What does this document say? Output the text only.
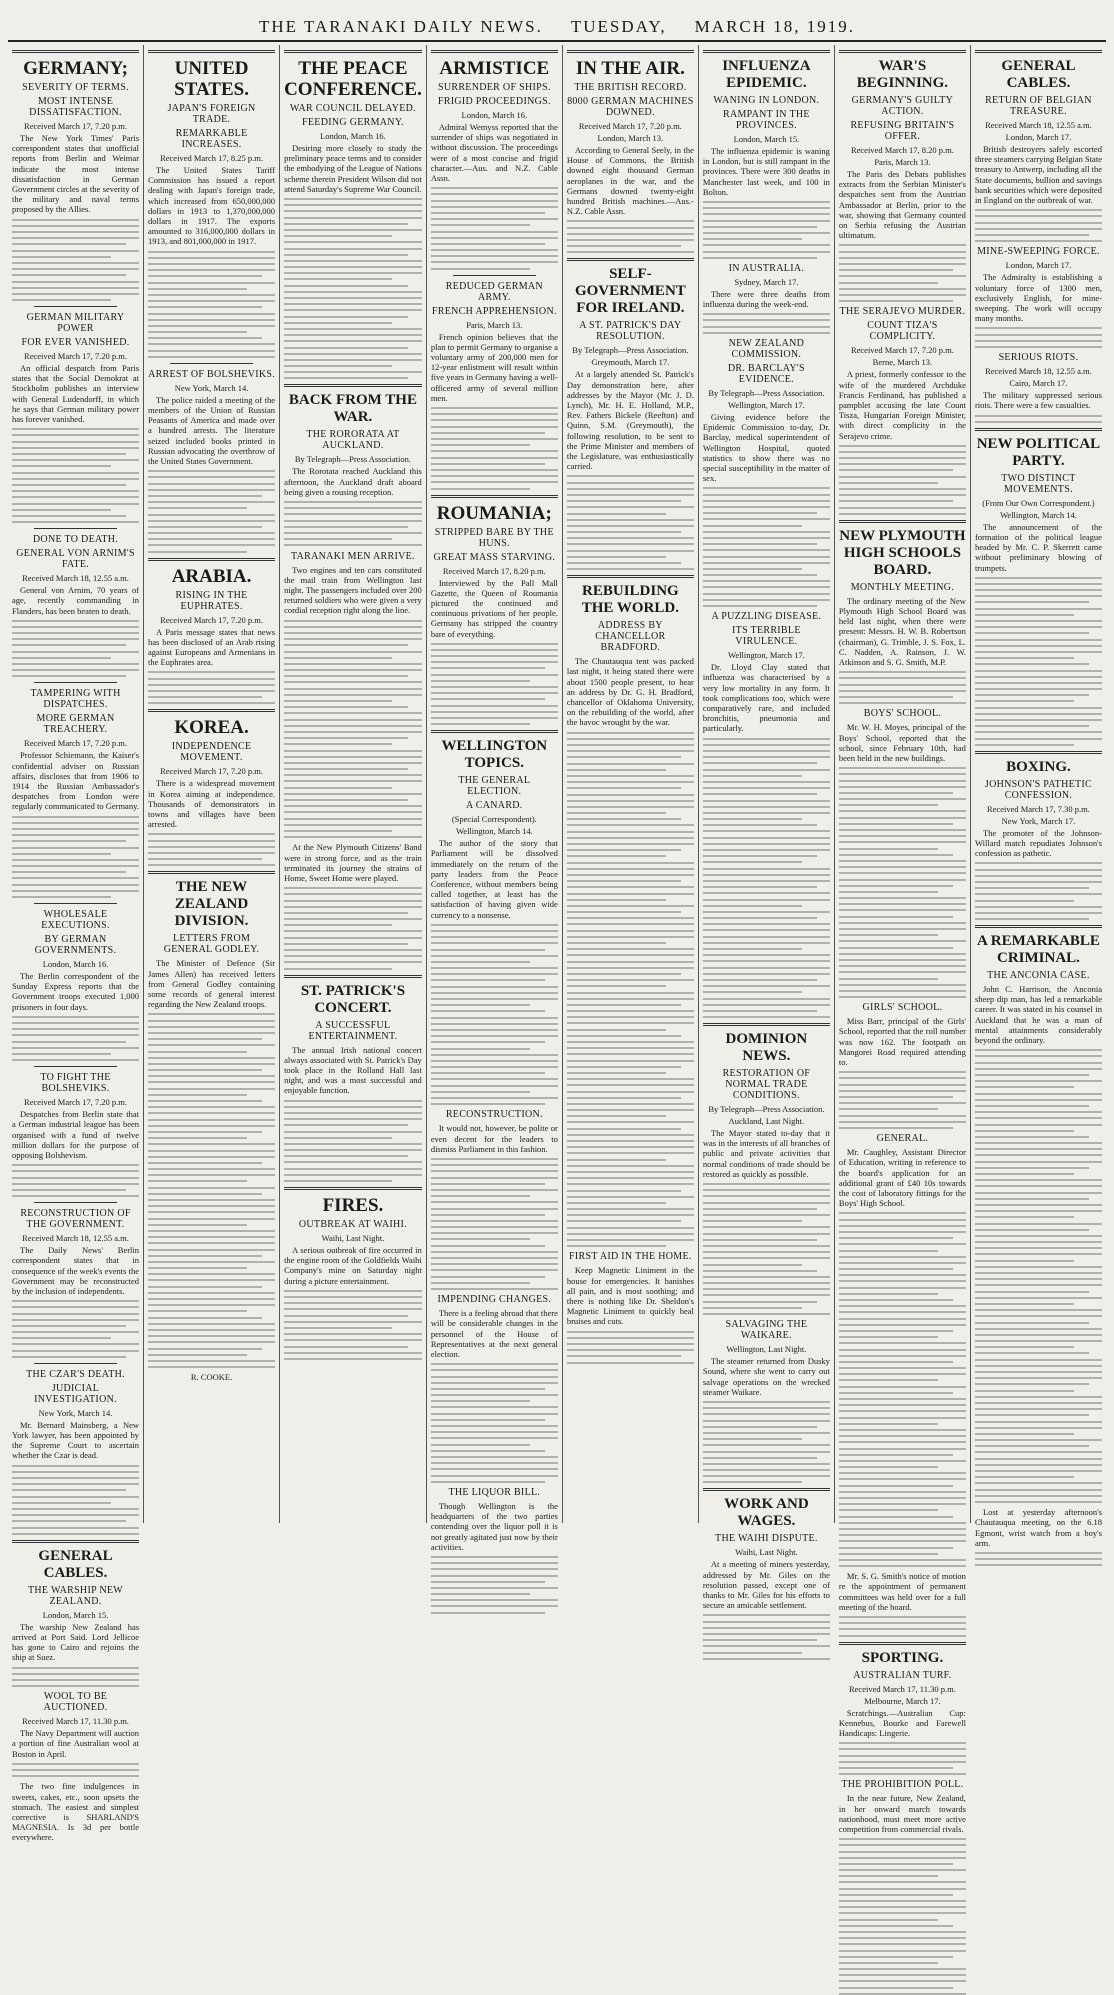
THE TARANAKI DAILY NEWS. TUESDAY, MARCH 18, 1919.
GERMANY;
SEVERITY OF TERMS.
MOST INTENSE DISSATISFACTION.
Received March 17, 7.20 p.m.

The New York Times' Paris correspondent states that unofficial reports from Berlin and Weimar indicate the most intense dissatisfaction in German Government circles at the severity of the military and naval terms proposed by the Allies.

GERMAN MILITARY POWER
FOR EVER VANISHED.
Received March 17, 7.20 p.m.

An official despatch from Paris states that the Social Demokrat at Stockholm publishes an interview with General Ludendorff, in which he says that German military power has forever vanished.

DONE TO DEATH.
GENERAL VON ARNIM'S FATE.
Received March 18, 12.55 a.m.

General von Arnim, 70 years of age, recently commanding in Flanders, has been beaten to death.

TAMPERING WITH DISPATCHES.
MORE GERMAN TREACHERY.
Received March 17, 7.20 p.m.

Professor Schiemann, the Kaiser's confidential adviser on Russian affairs, discloses that from 1906 to 1914 the Russian Ambassador's despatches from London were regularly communicated to Germany.

WHOLESALE EXECUTIONS.
BY GERMAN GOVERNMENTS.
London, March 16.

The Berlin correspondent of the Sunday Express reports that the Government troops executed 1,000 prisoners in four days.

TO FIGHT THE BOLSHEVIKS.
Received March 17, 7.20 p.m.

Despatches from Berlin state that a German industrial league has been organised with a fund of twelve million dollars for the purpose of opposing Bolshevism.

RECONSTRUCTION OF THE GOVERNMENT.
Received March 18, 12.55 a.m.

The Daily News' Berlin correspondent states that in consequence of the week's events the Government may be reconstructed by the inclusion of independents.

THE CZAR'S DEATH.
JUDICIAL INVESTIGATION.
New York, March 14.

Mr. Bernard Mainsberg, a New York lawyer, has been appointed by the Supreme Court to ascertain whether the Czar is dead.

GENERAL CABLES.
THE WARSHIP NEW ZEALAND.
London, March 15.

The warship New Zealand has arrived at Port Said. Lord Jellicoe has gone to Cairo and rejoins the ship at Suez.

WOOL TO BE AUCTIONED.
Received March 17, 11.30 p.m.

The Navy Department will auction a portion of fine Australian wool at Boston in April.

The two fine indulgences in sweets, cakes, etc., soon upsets the stomach. The easiest and simplest corrective is SHARLAND'S MAGNESIA. Is 3d per bottle everywhere.

UNITED STATES.
JAPAN'S FOREIGN TRADE.
REMARKABLE INCREASES.
Received March 17, 8.25 p.m.

The United States Tariff Commission has issued a report dealing with Japan's foreign trade, which increased from 650,000,000 dollars in 1913 to 1,370,000,000 dollars in 1917. The exports amounted to 316,000,000 dollars in 1913, and 801,000,000 in 1917.

ARREST OF BOLSHEVIKS.
New York, March 14.

The police raided a meeting of the members of the Union of Russian Peasants of America and made over a hundred arrests. The literature seized included books printed in Russian advocating the overthrow of the United States Government.

ARABIA.
RISING IN THE EUPHRATES.
Received March 17, 7.20 p.m.

A Paris message states that news has been disclosed of an Arab rising against Europeans and Armenians in the Euphrates area.

KOREA.
INDEPENDENCE MOVEMENT.
Received March 17, 7.20 p.m.

There is a widespread movement in Korea aiming at independence. Thousands of demonstrators in towns and villages have been arrested.

THE NEW ZEALAND DIVISION.
LETTERS FROM GENERAL GODLEY.

The Minister of Defence (Sir James Allen) has received letters from General Godley containing some records of general interest regarding the New Zealand troops.

R. COOKE.
THE PEACE CONFERENCE.
WAR COUNCIL DELAYED.
FEEDING GERMANY.
London, March 16.

Desiring more closely to study the preliminary peace terms and to consider the embodying of the League of Nations scheme therein President Wilson did not attend Saturday's Supreme War Council.

BACK FROM THE WAR.
THE RORORATA AT AUCKLAND.
By Telegraph—Press Association.

The Rorotata reached Auckland this afternoon, the Auckland draft aboard being given a rousing reception.

TARANAKI MEN ARRIVE.

Two engines and ten cars constituted the mail train from Wellington last night. The passengers included over 200 returned soldiers who were given a very cordial reception right along the line.

At the New Plymouth Citizens' Band were in strong force, and as the train terminated its journey the strains of Home, Sweet Home were played.

ST. PATRICK'S CONCERT.
A SUCCESSFUL ENTERTAINMENT.

The annual Irish national concert always associated with St. Patrick's Day took place in the Rolland Hall last night, and was a most successful and enjoyable function.

FIRES.
OUTBREAK AT WAIHI.
Waihi, Last Night.

A serious outbreak of fire occurred in the engine room of the Goldfields Waihi Company's mine on Saturday night during a picture entertainment.

ARMISTICE
SURRENDER OF SHIPS.
FRIGID PROCEEDINGS.
London, March 16.

Admiral Wemyss reported that the surrender of ships was negotiated in without discussion. The proceedings were of a most concise and frigid character.—Aus. and N.Z. Cable Assn.

REDUCED GERMAN ARMY.
FRENCH APPREHENSION.
Paris, March 13.

French opinion believes that the plan to permit Germany to organise a voluntary army of 200,000 men for 12-year enlistment will result within five years in Germany having a well-officered army of several million men.

ROUMANIA;
STRIPPED BARE BY THE HUNS.
GREAT MASS STARVING.
Received March 17, 8.20 p.m.

Interviewed by the Pall Mall Gazette, the Queen of Roumania pictured the continued and continuous privations of her people. Germany has stripped the country bare of everything.

WELLINGTON TOPICS.
THE GENERAL ELECTION.
A CANARD.
(Special Correspondent).
Wellington, March 14.

The author of the story that Parliament will be dissolved immediately on the return of the party leaders from the Peace Conference, without members being called together, at least has the satisfaction of having given wide currency to a nonsense.

RECONSTRUCTION.

It would not, however, be polite or even decent for the leaders to dismiss Parliament in this fashion.

IMPENDING CHANGES.

There is a feeling abroad that there will be considerable changes in the personnel of the House of Representatives at the next general election.

THE LIQUOR BILL.

Though Wellington is the headquarters of the two parties contending over the liquor poll it is not greatly agitated just now by their activities.

IN THE AIR.
THE BRITISH RECORD.
8000 GERMAN MACHINES DOWNED.
Received March 17, 7.20 p.m.
London, March 13.

According to General Seely, in the House of Commons, the British downed eight thousand German aeroplanes in the war, and the Germans downed twenty-eight hundred British machines.—Aus.-N.Z. Cable Assn.

SELF-GOVERNMENT FOR IRELAND.
A ST. PATRICK'S DAY RESOLUTION.
By Telegraph—Press Association.
Greymouth, March 17.

At a largely attended St. Patrick's Day demonstration here, after addresses by the Mayor (Mr. J. D. Lynch), Mr. H. E. Holland, M.P., Rev. Fathers Bickele (Reefton) and Quinn, S.M. (Greymouth), the following resolution, to be sent to the Prime Minister and members of the Legislature, was enthusiastically carried.

REBUILDING THE WORLD.
ADDRESS BY CHANCELLOR BRADFORD.

The Chautauqua tent was packed last night, it being stated there were about 1500 people present, to hear an address by Dr. G. H. Bradford, chancellor of Oklahoma University, on the rebuilding of the world, after the havoc wrought by the war.

FIRST AID IN THE HOME.

Keep Magnetic Liniment in the house for emergencies. It banishes all pain, and is most soothing; and there is nothing like Dr. Sheldon's Magnetic Liniment to quickly heal bruises and cuts.

INFLUENZA EPIDEMIC.
WANING IN LONDON.
RAMPANT IN THE PROVINCES.
London, March 15.

The influenza epidemic is waning in London, but is still rampant in the provinces. There were 300 deaths in Manchester last week, and 100 in Bolton.

IN AUSTRALIA.
Sydney, March 17.

There were three deaths from influenza during the week-end.

NEW ZEALAND COMMISSION.
DR. BARCLAY'S EVIDENCE.
By Telegraph—Press Association.
Wellington, March 17.

Giving evidence before the Epidemic Commission to-day, Dr. Barclay, medical superintendent of Wellington Hospital, quoted statistics to show there was no special susceptibility in the matter of sex.

A PUZZLING DISEASE.
ITS TERRIBLE VIRULENCE.
Wellington, March 17.

Dr. Lloyd Clay stated that influenza was characterised by a very low mortality in any form. It took complications too, which were comparatively rare, and included bronchitis, pneumonia and particularly.

DOMINION NEWS.
RESTORATION OF NORMAL TRADE CONDITIONS.
By Telegraph—Press Association.
Auckland, Last Night.

The Mayor stated to-day that it was in the interests of all branches of public and private activities that normal conditions of trade should be restored as quickly as possible.

SALVAGING THE WAIKARE.
Wellington, Last Night.

The steamer returned from Dusky Sound, where she went to carry out salvage operations on the wrecked steamer Waikare.

WORK AND WAGES.
THE WAIHI DISPUTE.
Waihi, Last Night.

At a meeting of miners yesterday, addressed by Mr. Giles on the resolution passed, except one of thanks to Mr. Giles for his efforts to secure an amicable settlement.

WAR'S BEGINNING.
GERMANY'S GUILTY ACTION.
REFUSING BRITAIN'S OFFER.
Received March 17, 8.20 p.m.
Paris, March 13.

The Paris des Debats publishes extracts from the Serbian Minister's despatches sent from the Austrian Ambassador at Berlin, prior to the war, showing that Germany counted on Serbia refusing the Austrian ultimatum.

THE SERAJEVO MURDER.
COUNT TIZA'S COMPLICITY.
Received March 17, 7.20 p.m.
Berne, March 13.

A priest, formerly confessor to the wife of the murdered Archduke Francis Ferdinand, has published a pamphlet accusing the late Count Tisza, Hungarian Foreign Minister, with direct complicity in the Serajevo crime.

NEW PLYMOUTH HIGH SCHOOLS BOARD.
MONTHLY MEETING.

The ordinary meeting of the New Plymouth High School Board was held last night, when there were present: Messrs. H. W. B. Robertson (chairman), G. Trimble, J. S. Fox, L. C. Nadden, A. Rainson, J. W. Atkinson and S. G. Smith, M.P.

BOYS' SCHOOL.

Mr. W. H. Moyes, principal of the Boys' School, reported that the school, since February 10th, had been held in the new buildings.

GIRLS' SCHOOL.

Miss Barr, principal of the Girls' School, reported that the roll number was now 162. The footpath on Mangorei Road required attending to.

GENERAL.

Mr. Caughley, Assistant Director of Education, writing in reference to the board's application for an additional grant of £40 10s towards the cost of laboratory fittings for the Boys' High School.

Mr. S. G. Smith's notice of motion re the appointment of permanent committees was held over for a full meeting of the board.

SPORTING.
AUSTRALIAN TURF.
Received March 17, 11.30 p.m.
Melbourne, March 17.

Scratchings.—Australian Cup: Kennebus, Bourke and Farewell Handicaps: Lingerie.

THE PROHIBITION POLL.

In the near future, New Zealand, in her onward march towards nationhood, must meet more active competition from commercial rivals.

GENERAL CABLES.
RETURN OF BELGIAN TREASURE.
Received March 18, 12.55 a.m.
London, March 17.

British destroyers safely escorted three steamers carrying Belgian State treasury to Antwerp, including all the State documents, bullion and savings bank securities which were deposited in England on the outbreak of war.

MINE-SWEEPING FORCE.
London, March 17.

The Admiralty is establishing a voluntary force of 1300 men, exclusively English, for mine-sweeping. The work will occupy many months.

SERIOUS RIOTS.
Received March 18, 12.55 a.m.
Cairo, March 17.

The military suppressed serious riots. There were a few casualties.

NEW POLITICAL PARTY.
TWO DISTINCT MOVEMENTS.
(From Our Own Correspondent.)
Wellington, March 14.

The announcement of the formation of the political league headed by Mr. C. P. Skerrett came without preliminary blowing of trumpets.

BOXING.
JOHNSON'S PATHETIC CONFESSION.
Received March 17, 7.30 p.m.
New York, March 17.

The promoter of the Johnson-Willard match repudiates Johnson's confession as pathetic.

A REMARKABLE CRIMINAL.
THE ANCONIA CASE.

John C. Harrison, the Anconia sheep dip man, has led a remarkable career. It was stated in his counsel in Auckland that he was a man of mental attainments considerably beyond the ordinary.

Lost at yesterday afternoon's Chautauqua meeting, on the 6.18 Egmont, wrist watch from a boy's arm.
